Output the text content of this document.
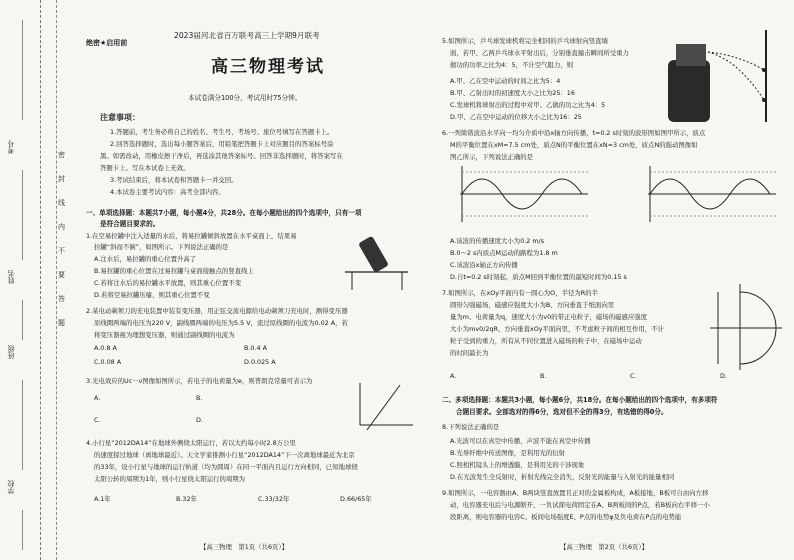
考号
姓名
班级
学校
密
封
线
内
不
要
答
题
绝密★启用前
2023届河北省百万联考高三上学期9月联考
高三物理考试
本试卷满分100分，考试用时75分钟。
注意事项：
1.答题前，考生务必将自己的姓名、考生号、考场号、座位号填写在答题卡上。
2.回答选择题时，选出每小题答案后，用铅笔把答题卡上对应题目的答案标号涂
黑。如需改动，用橡皮擦干净后，再选涂其他答案标号。回答非选择题时，将答案写在
答题卡上。写在本试卷上无效。
3.考试结束后，将本试卷和答题卡一并交回。
4.本试卷主要考试内容：高考全部内容。
一、单项选择题：本题共7小题，每小题4分，共28分。在每小题给出的四个选项中，只有一项
是符合题目要求的。
1.在空易拉罐中注入适量的水后，将易拉罐倾斜放置在水平桌面上，结果易
拉罐“斜而不倒”，如图所示。下列说法正确的是
A.注水后，易拉罐的重心位置升高了
B.易拉罐的重心位置在过易拉罐与桌面接触点的竖直线上
C.若将注水后的易拉罐水平放置，则其重心位置不变
D.若将空易拉罐压瘪，则其重心位置不变
2.某电动剃须刀的充电装置中装有变压器，用正弦交流电源给电动剃须刀充电时，测得变压器
原线圈两端的电压为220 V，副线圈两端的电压为5.5 V，流过原线圈的电流为0.02 A，若
将变压器视为理想变压器，则通过副线圈的电流为
A.0.8 A	B.0.4 A
C.0.08 A	D.0.025 A
3.光电效应的Uc－ν图像如图所示，若电子的电荷量为e，则普朗克常量可表示为
A.	B.
C.	D.
4.小行星“2012DA14”在地球外侧绕太阳运行，若以大约每小时2.8万公里
的速度掠过地球（离地球最近）。天文学家推测小行星“2012DA14”下一次离地球最近为北京
的33年，设小行星与地球的运行轨道（均为圆周）在同一平面内且运行方向相同，已知地球绕
太阳公转的周期为1年，则小行星绕太阳运行的周期为
A.1年	B.32年	C.33/32年	D.66/65年
【高三物理　第1页（共6页）】
5.如图所示，乒乓球发球机将完全相同的乒乓球射向竖直墙
面，若甲、乙两乒乓球水平射出后，分别垂直撞击瞬间所受重力
做功的功率之比为4：5，不计空气阻力，则
A.甲、乙在空中运动的时间之比为5：4
B.甲、乙射出时的初速度大小之比为25：16
C.发球机将球射出的过程中对甲、乙做的功之比为4：5
D.甲、乙在空中运动的位移大小之比为16：25
6.一列简谐波沿水平向一均匀介质中沿x轴方向传播，t=0.2 s时刻的波形图如图甲所示，质点
M的平衡位置在xM=7.5 cm处，质点N的平衡位置在xN=3 cm处，质点N的振动图像如
图乙所示，下列说法正确的是
A.该波的传播速度大小为0.2 m/s
B.0～2 s内质点M运动的路程为1.8 m
C.该波沿x轴正方向传播
D.自t=0.2 s时刻起，质点M回到平衡位置的最短时间为0.15 s
7.如图所示，在xOy平面内有一圆心为O，半径为R的半
圆形匀强磁场，磁感应强度大小为B、方向垂直于纸面向里
量为m、电荷量为q，速度大小为v0的带正电粒子，磁场的磁感应强度
大小为mv0/2qR，方向垂直xOy平面向里，不考虑粒子间的相互作用，不计
粒子受到的重力，所有从不同位置进入磁场的粒子中，在磁场中运动
的时间最长为
A.	B.	C.	D.
二、多项选择题：本题共3小题，每小题6分，共18分。在每小题给出的四个选项中，有多项符
合题目要求。全部选对的得6分，选对但不全的得3分，有选错的得0分。
8.下列说法正确的是
A.光波可以在真空中传播，声波不能在真空中传播
B.光导纤维中传送图像，是利用光的衍射
C.照相机镜头上的增透膜，是利用光的干涉现象
D.在光波发生全反射时，折射光线完全消失，反射光的能量与入射光的能量相同
9.如图所示，一电容器由A、B两块竖直放置且正对的金属板构成，A板接地，B板可自由向左移
动，电容器充电后与电源断开，一负试探电荷固定在A、B两板间的P点，若B板向右平移一小
段距离，则电容器的电容C、板间电场强度E、P点的电势φ及负电荷在P点的电势能
【高三物理　第2页（共6页）】
